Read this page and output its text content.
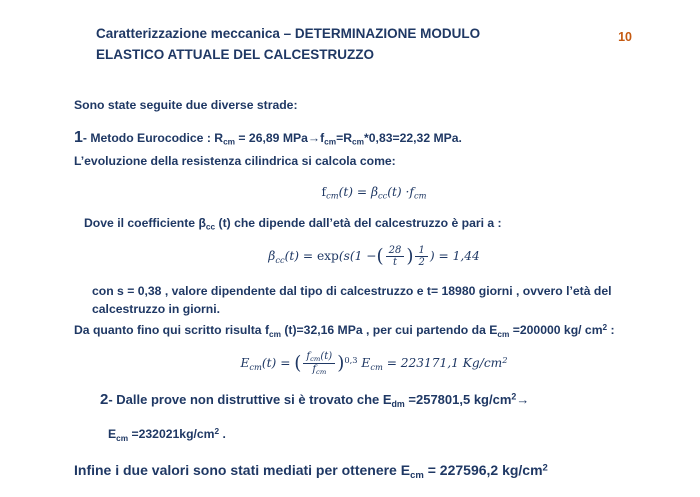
10
Caratterizzazione meccanica – DETERMINAZIONE MODULO
ELASTICO ATTUALE DEL CALCESTRUZZO

Sono state seguite due diverse strade:

1- Metodo Eurocodice : $R_{cm} = 26,89$ $MPa\to f_{cm}=R_{cm}*0,83=22,32$ MPa.

L’evoluzione della resistenza cilindrica si calcola come:

$f_{cm}(t) = \beta_{cc}(t) \cdot f_{cm}$

Dove il coefficiente $\beta_{cc}$ (t) che dipende dall’età del calcestruzzo è pari a :

$\beta_{cc}(t) = \exp(s(1$ −( $\frac{28}{t}$ ) $\frac{1}{2}$ ) = 1,44

con s = 0,38 , valore dipendente dal tipo di calcestruzzo e t= 18980 giorni , ovvero l’età del calcestruzzo in giorni.

Da quanto fino qui scritto risulta $f_{cm}$ (t)=32,16 MPa , per cui partendo da $E_{cm} =200000$ kg/ $cm^2$ :

$E_{cm}(t)$ = ( $\frac{f_{cm}(t)}{f_{cm}} )^{0,3}$ $E_{cm} = 223171,1$ $Kg/cm^2$

2- Dalle prove non distruttive si è trovato che $E_{dm} =257801,5$ $kg/cm^2\to$

$E_{cm} =232021kg/cm^2$ .

Infine i due valori sono stati mediati per ottenere $E_{cm} = 227596,2$ $kg/cm^2$
